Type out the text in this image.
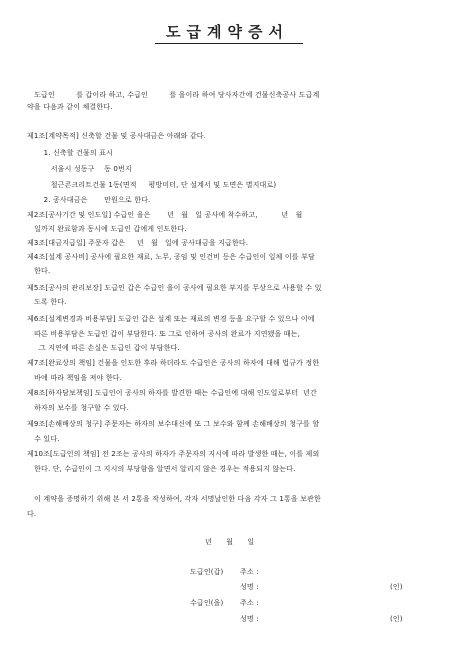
도급계약증서
도급인         를 갑이라 하고, 수급인         를 을이라 하여 당사자간에 건물신축공사 도급계
약을 다음과 같이 체결한다.
제1조[계약목적] 신축할 건물 및 공사대금은 아래와 같다.
1. 신축할 건물의 표시
서울시 성동구    동 0번지
철근콘크리트건물 1동(면적     평방미터, 단 설계서 및 도면은 별지대로)
2. 공사대금은       만원으로 한다.
제2조[공사기간 및 인도일] 수급인 을은       년   월   일 공사에 착수하고,          년   월
일까지 완료함과 동시에 도급인 갑에게 인도한다.
제3조[대금지급일] 주문자 갑은     년   월   일에 공사대금을 지급한다.
제4조[설계 공사비] 공사에 필요한 재료, 노무, 공임 및 인건비 등은 수급인이 일체 이를 부담
한다.
제5조[공사의 관리보장] 도급인 갑은 수급인 을이 공사에 필요한 부지를 무상으로 사용할 수 있
도록 한다.
제6조[설계변경과 비용부담] 도급인 갑은 설계 또는 재료의 변경 등을 요구할 수 있으나 이에
따른 비용부담은 도급인 갑이 부담한다. 또 그로 인하여 공사의 완료가 지연됐을 때는,
그 지연에 따른 손실은 도급인 갑이 부담한다.
제7조[완료상의 책임] 건물을 인도한 후라 하더라도 수급인은 공사의 하자에 대해 법규가 정한
바에 따라 책임을 져야 한다.
제8조[하자담보책임] 도급인이 공사의 하자를 발견한 때는 수급인에 대해 인도일로부터  년간
하자의 보수를 청구할 수 있다.
제9조[손해배상의 청구] 주문자는 하자의 보수대신에 또 그 보수와 함께 손해배상의 청구를 할
수 있다.
제10조[도급인의 책임] 전 2조는 공사의 하자가 주문자의 지시에 따라 발생한 때는, 이를 제외
한다. 단, 수급인이 그 지시의 부당함을 알면서 알리지 않은 경우는 적용되지 않는다.
이 계약을 증명하기 위해 본 서 2통을 작성하여, 각자 서명날인한 다음 각자 그 1통을 보관한
다.
년      월      일
도급인(갑) 주소 :
성명 :	(인)
수급인(을) 주소 :
성명 :	(인)
